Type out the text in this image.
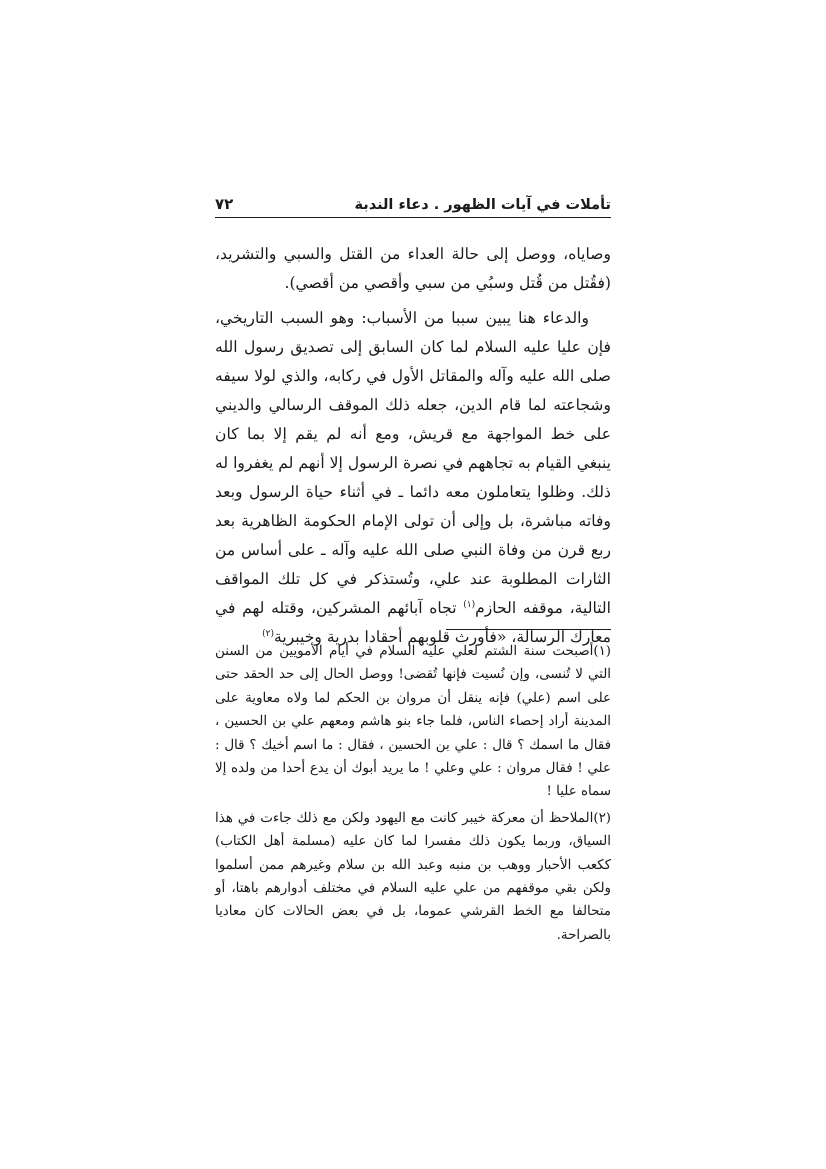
تأملات في آيات الظهور . دعاء الندبة
٧٢

وصاياه، ووصل إلى حالة العداء من القتل والسبي والتشريد، (فقُتل من قُتل وسبُي من سبي وأقصي من أقصي).

والدعاء هنا يبين سببا من الأسباب: وهو السبب التاريخي، فإن عليا عليه السلام لما كان السابق إلى تصديق رسول الله صلى الله عليه وآله والمقاتل الأول في ركابه، والذي لولا سيفه وشجاعته لما قام الدين، جعله ذلك الموقف الرسالي والديني على خط المواجهة مع قريش، ومع أنه لم يقم إلا بما كان ينبغي القيام به تجاههم في نصرة الرسول إلا أنهم لم يغفروا له ذلك. وظلوا يتعاملون معه دائما ـ في أثناء حياة الرسول وبعد وفاته مباشرة، بل وإلى أن تولى الإمام الحكومة الظاهرية بعد ربع قرن من وفاة النبي صلى الله عليه وآله ـ على أساس من الثارات المطلوبة عند علي، وتُستذكر في كل تلك المواقف التالية، موقفه الحازم$^{(١)}$ تجاه آبائهم المشركين، وقتله لهم في معارك الرسالة، «فأورث قلوبهم أحقادا بدرية وخيبرية$^{(٢)}$

(١)أصبحت سنة الشتم لعلي عليه السلام في أيام الأمويين من السنن التي لا تُنسى، وإن نُسيت فإنها تُقضى! ووصل الحال إلى حد الحقد حتى على اسم (علي) فإنه ينقل أن مروان بن الحكم لما ولاه معاوية على المدينة أراد إحصاء الناس، فلما جاء بنو هاشم ومعهم علي بن الحسين ، فقال ما اسمك ؟ قال : علي بن الحسين ، فقال : ما اسم أخيك ؟ قال : علي ! فقال مروان : علي وعلي ! ما يريد أبوك أن يدع أحدا من ولده إلا سماه عليا !

(٢)الملاحظ أن معركة خيبر كانت مع اليهود ولكن مع ذلك جاءت في هذا السياق، وربما يكون ذلك مفسرا لما كان عليه (مسلمة أهل الكتاب) ككعب الأحبار ووهب بن منبه وعبد الله بن سلام وغيرهم ممن أسلموا ولكن بقي موقفهم من علي عليه السلام في مختلف أدوارهم باهتا، أو متحالفا مع الخط القرشي عموما، بل في بعض الحالات كان معاديا بالصراحة.
